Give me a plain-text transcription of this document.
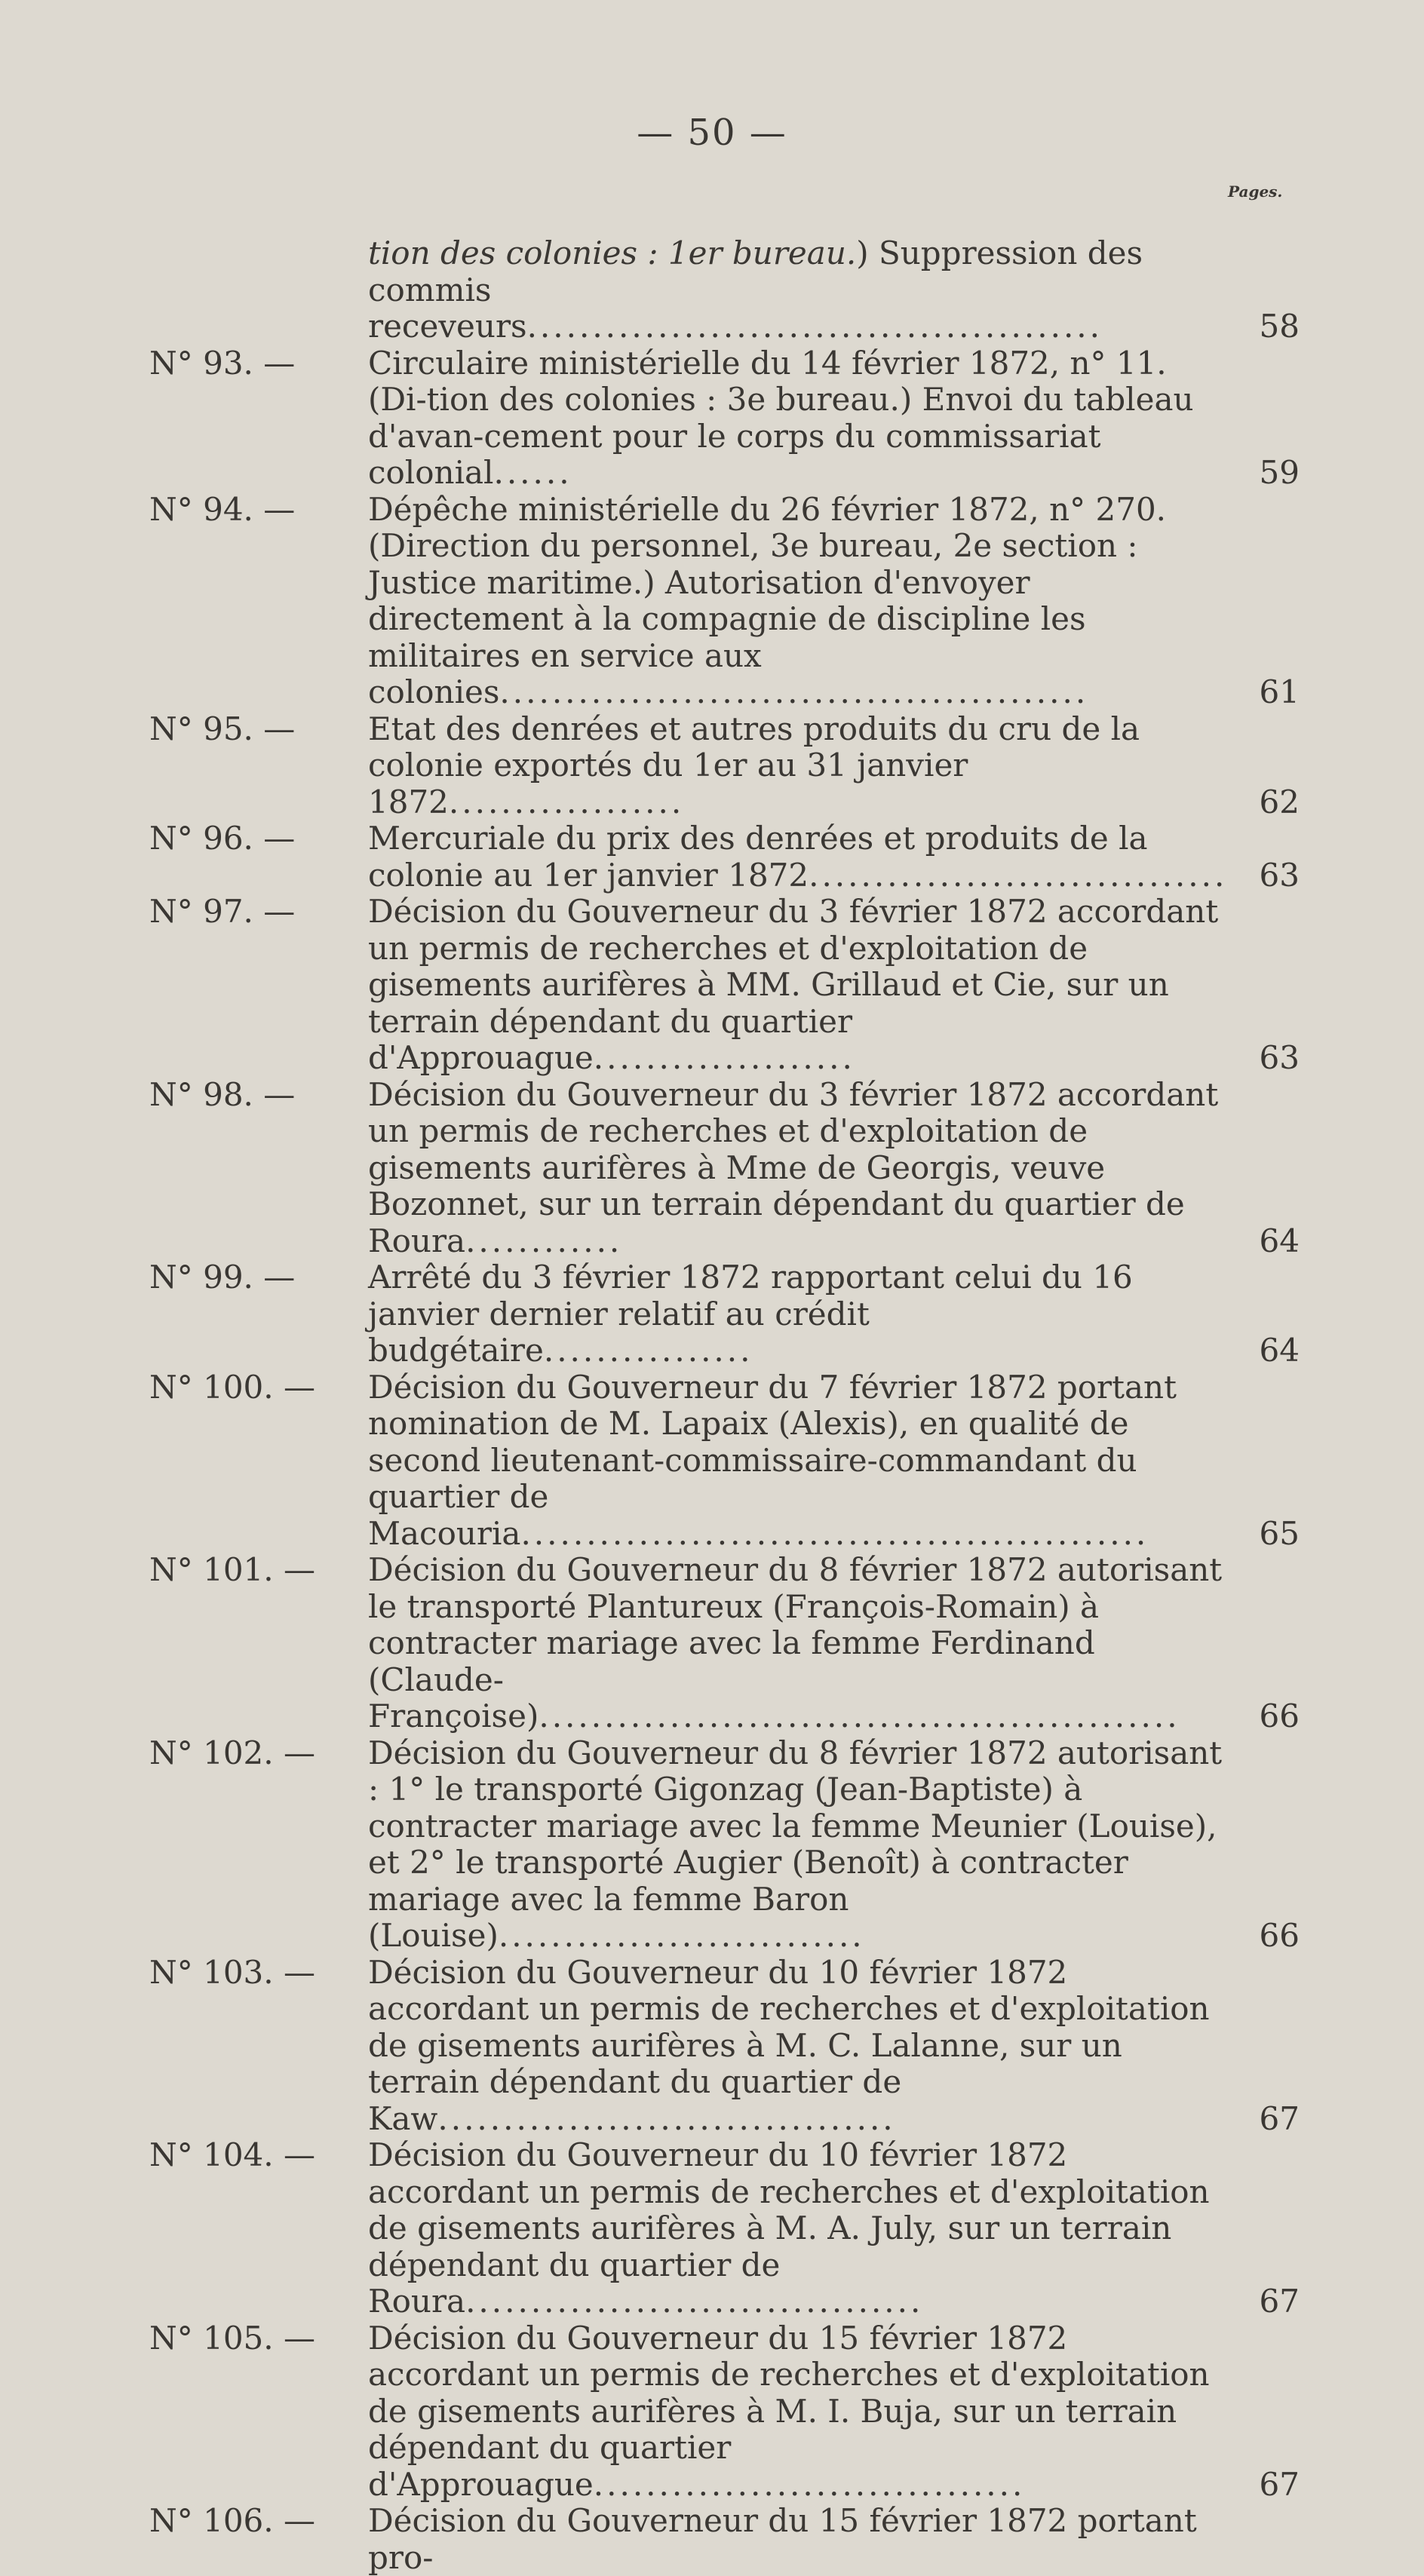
— 50 —
Pages.
tion des colonies : 1er bureau.) Suppression des commis receveurs............................................	58
N° 93. —	Circulaire ministérielle du 14 février 1872, n° 11. (Di-tion des colonies : 3e bureau.) Envoi du tableau d'avan-cement pour le corps du commissariat colonial......	59
N° 94. —	Dépêche ministérielle du 26 février 1872, n° 270. (Direction du personnel, 3e bureau, 2e section : Justice maritime.) Autorisation d'envoyer directement à la compagnie de discipline les militaires en service aux colonies.............................................	61
N° 95. —	Etat des denrées et autres produits du cru de la colonie exportés du 1er au 31 janvier 1872..................	62
N° 96. —	Mercuriale du prix des denrées et produits de la colonie au 1er janvier 1872................................	63
N° 97. —	Décision du Gouverneur du 3 février 1872 accordant un permis de recherches et d'exploitation de gisements aurifères à MM. Grillaud et Cie, sur un terrain dépendant du quartier d'Approuague....................	63
N° 98. —	Décision du Gouverneur du 3 février 1872 accordant un permis de recherches et d'exploitation de gisements aurifères à Mme de Georgis, veuve Bozonnet, sur un terrain dépendant du quartier de Roura............	64
N° 99. —	Arrêté du 3 février 1872 rapportant celui du 16 janvier dernier relatif au crédit budgétaire................	64
N° 100. —	Décision du Gouverneur du 7 février 1872 portant nomination de M. Lapaix (Alexis), en qualité de second lieutenant-commissaire-commandant du quartier de Macouria................................................	65
N° 101. —	Décision du Gouverneur du 8 février 1872 autorisant le transporté Plantureux (François-Romain) à contracter mariage avec la femme Ferdinand (Claude-Françoise).................................................	66
N° 102. —	Décision du Gouverneur du 8 février 1872 autorisant : 1° le transporté Gigonzag (Jean-Baptiste) à contracter mariage avec la femme Meunier (Louise), et 2° le transporté Augier (Benoît) à contracter mariage avec la femme Baron (Louise)............................	66
N° 103. —	Décision du Gouverneur du 10 février 1872 accordant un permis de recherches et d'exploitation de gisements aurifères à M. C. Lalanne, sur un terrain dépendant du quartier de Kaw...................................	67
N° 104. —	Décision du Gouverneur du 10 février 1872 accordant un permis de recherches et d'exploitation de gisements aurifères à M. A. July, sur un terrain dépendant du quartier de Roura...................................	67
N° 105. —	Décision du Gouverneur du 15 février 1872 accordant un permis de recherches et d'exploitation de gisements aurifères à M. I. Buja, sur un terrain dépendant du quartier d'Approuague.................................	67
N° 106. —	Décision du Gouverneur du 15 février 1872 portant pro-
